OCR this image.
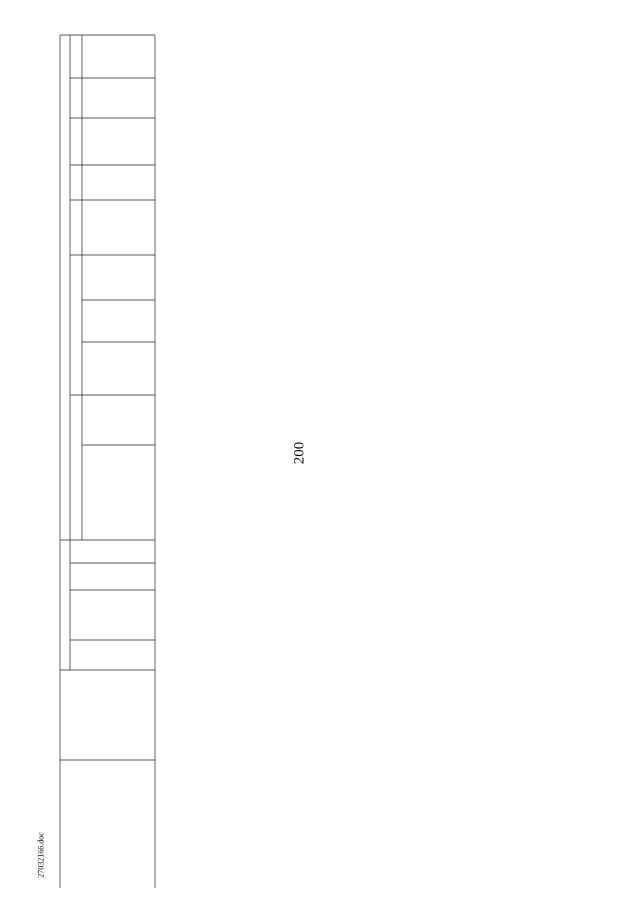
200
27032166.doc
